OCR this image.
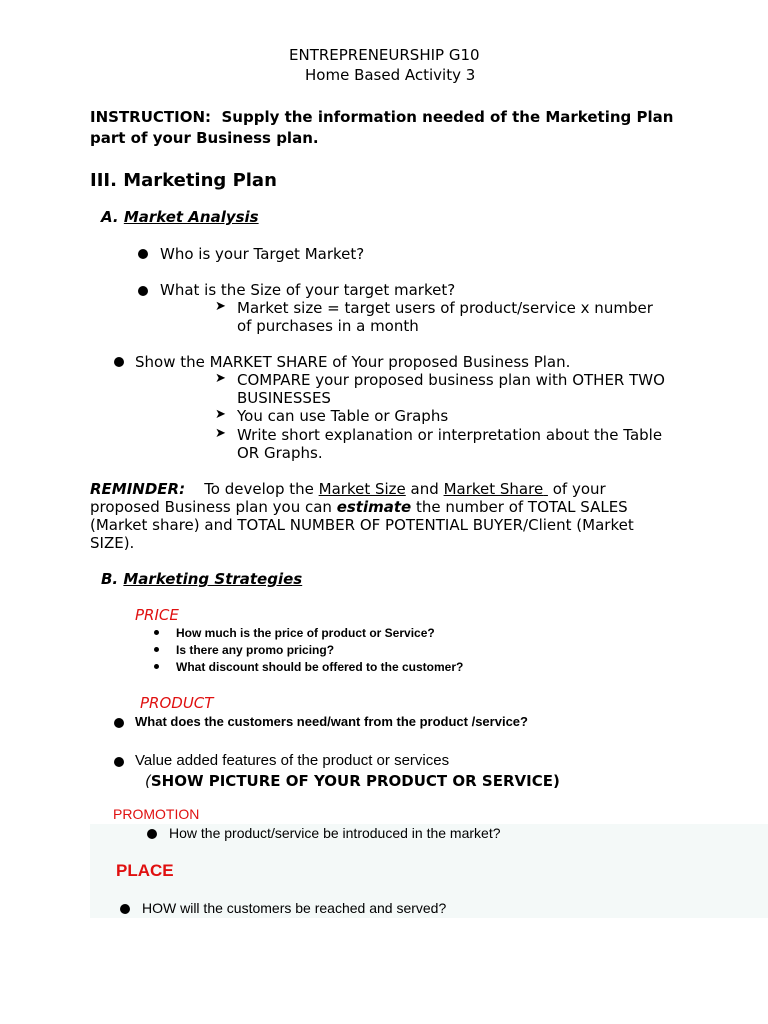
ENTREPRENEURSHIP G10
Home Based Activity 3
INSTRUCTION: Supply the information needed of the Marketing Plan
part of your Business plan.
III. Marketing Plan
A. Market Analysis
Who is your Target Market?
What is the Size of your target market?
➤ Market size = target users of product/service x number
of purchases in a month
Show the MARKET SHARE of Your proposed Business Plan.
➤ COMPARE your proposed business plan with OTHER TWO
BUSINESSES
➤ You can use Table or Graphs
➤ Write short explanation or interpretation about the Table
OR Graphs.
REMINDER: To develop the Market Size and Market Share of your
proposed Business plan you can estimate the number of TOTAL SALES
(Market share) and TOTAL NUMBER OF POTENTIAL BUYER/Client (Market
SIZE).
B. Marketing Strategies
PRICE
How much is the price of product or Service?
Is there any promo pricing?
What discount should be offered to the customer?
PRODUCT
What does the customers need/want from the product /service?
Value added features of the product or services
(SHOW PICTURE OF YOUR PRODUCT OR SERVICE)
PROMOTION
How the product/service be introduced in the market?
PLACE
HOW will the customers be reached and served?
